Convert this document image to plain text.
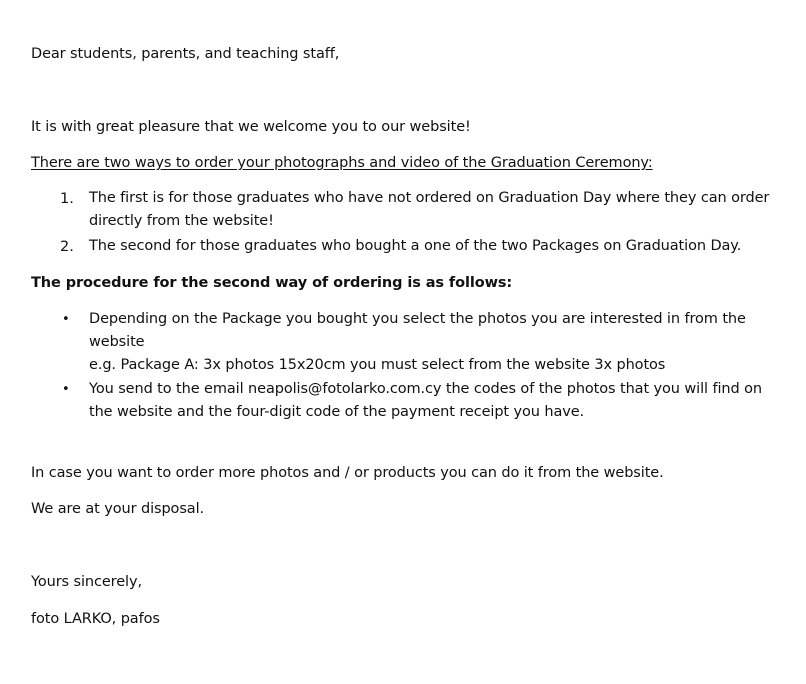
Dear students, parents, and teaching staff,
It is with great pleasure that we welcome you to our website!
There are two ways to order your photographs and video of the Graduation Ceremony:
1. The first is for those graduates who have not ordered on Graduation Day where they can order
directly from the website!
2. The second for those graduates who bought a one of the two Packages on Graduation Day.
The procedure for the second way of ordering is as follows:
• Depending on the Package you bought you select the photos you are interested in from the
website
e.g. Package A: 3x photos 15x20cm you must select from the website 3x photos
• You send to the email neapolis@fotolarko.com.cy the codes of the photos that you will find on
the website and the four-digit code of the payment receipt you have.
In case you want to order more photos and / or products you can do it from the website.
We are at your disposal.
Yours sincerely,
foto LARKO, pafos
